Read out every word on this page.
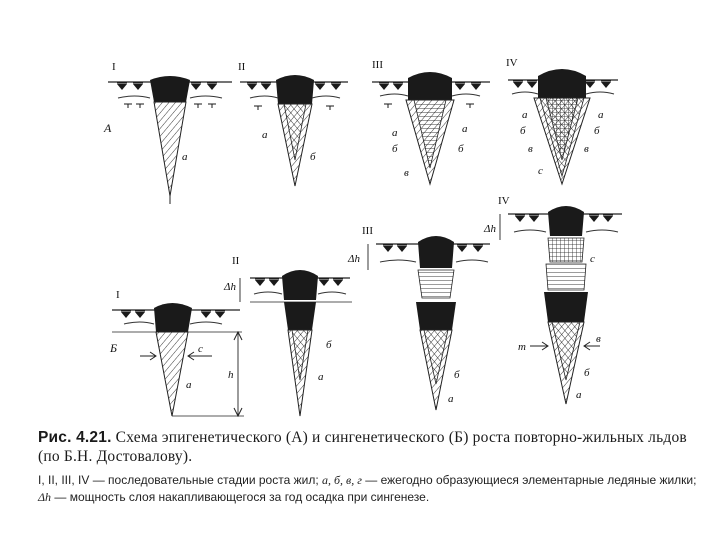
А
I
а
II
а
б
III
а	а
б	б
в
IV
а	а
б	б
в	в
с
Б
I
h
c
а
II
Δh
б
а
III
Δh
б
а
IV
Δh
с
m
в
б
а
Рис. 4.21. Схема эпигенетического (А) и сингенетического (Б) роста повторно-жильных льдов (по Б.Н. Достовалову).
I, II, III, IV — последовательные стадии роста жил; а, б, в, г — ежегодно образующиеся элементарные ледяные жилки; Δh — мощность слоя накапливающегося за год осадка при сингенезе.
